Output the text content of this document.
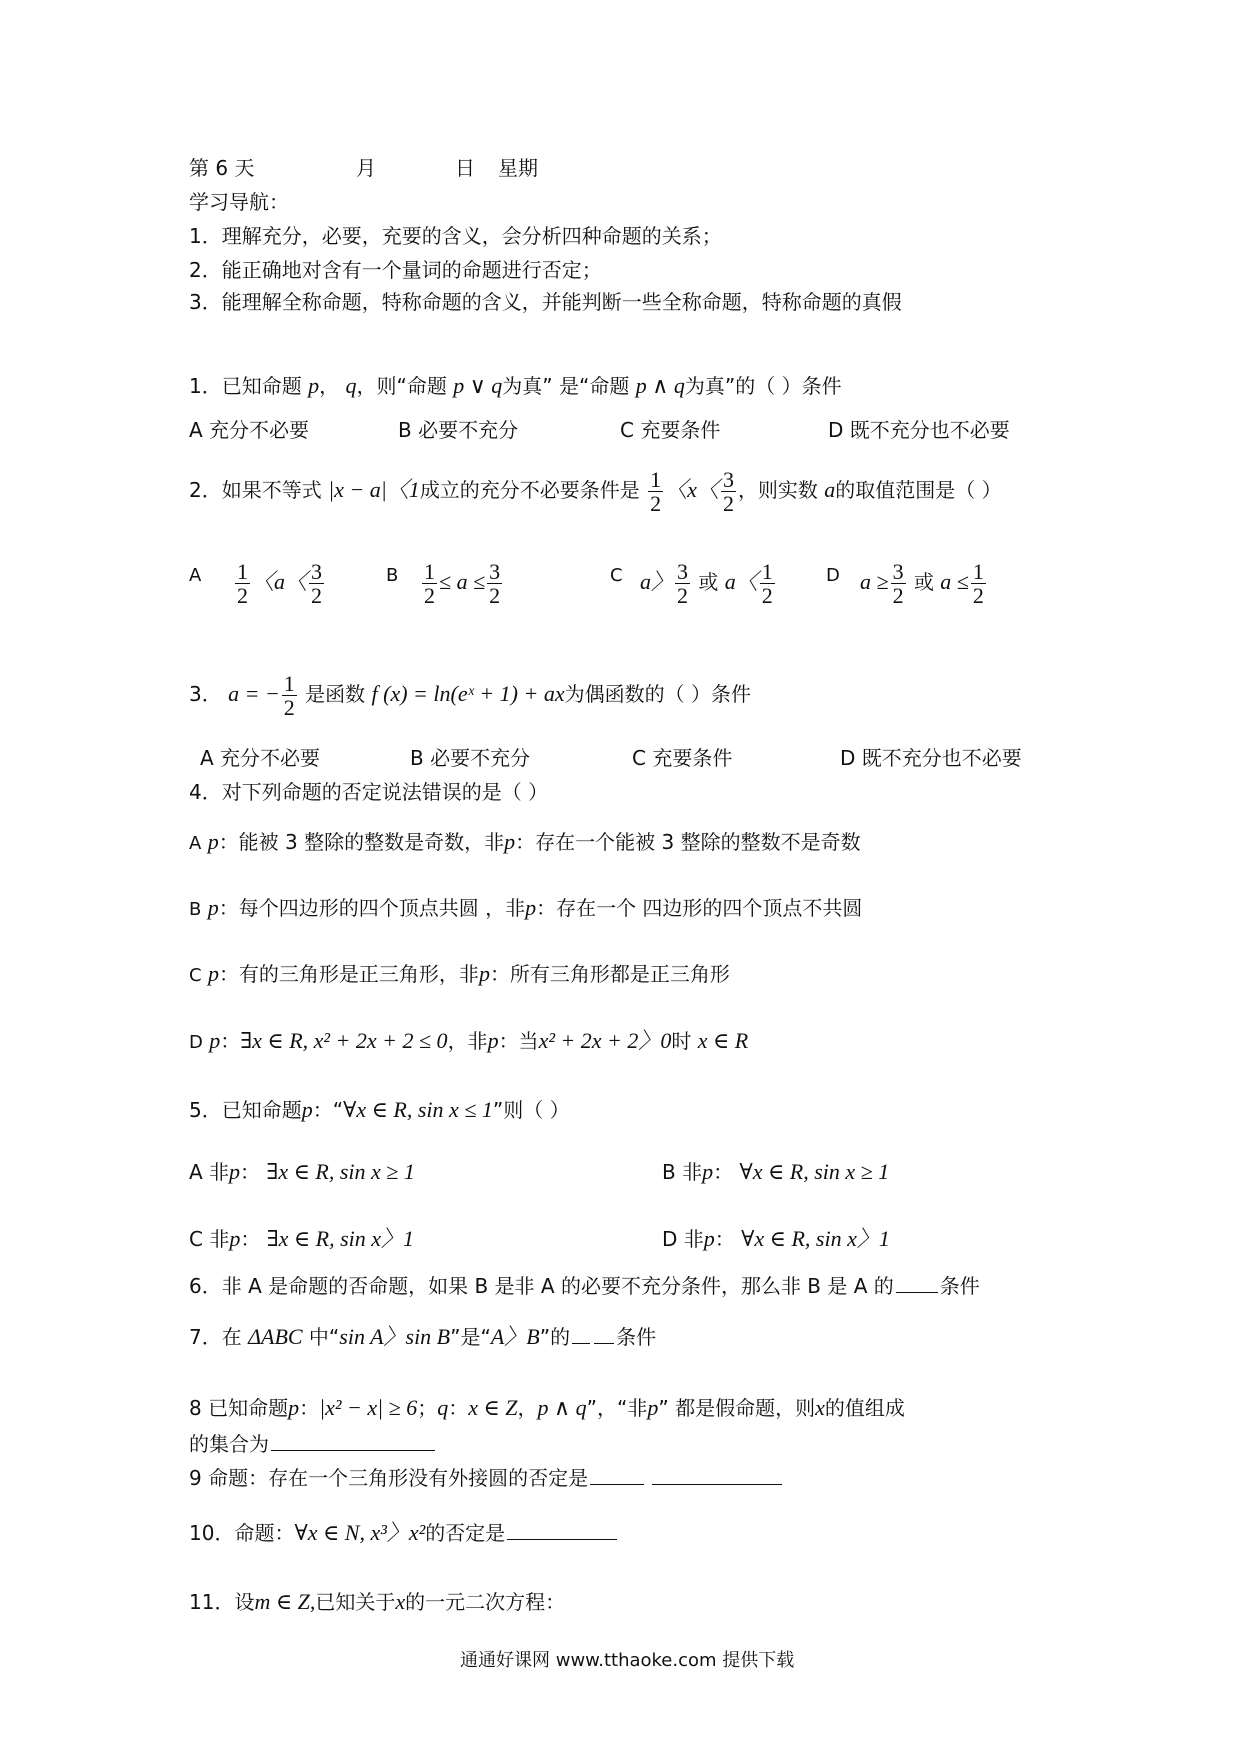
第 6 天	月	日 星期
学习导航：
1．理解充分，必要，充要的含义，会分析四种命题的关系；
2．能正确地对含有一个量词的命题进行否定；
3．能理解全称命题，特称命题的含义，并能判断一些全称命题，特称命题的真假
1．已知命题 p， q，则“命题 p ∨ q为真” 是“命题 p ∧ q为真”的（ ）条件
A 充分不必要	B 必要不充分	C 充要条件	D 既不充分也不必要
2．如果不等式 |x − a|〈1成立的充分不必要条件是 $\frac{1}{2}$ 〈x〈 $\frac{3}{2}$ ，则实数 a的取值范围是（ ）
A $\frac{1}{2}$ 〈a〈 $\frac{3}{2}$	B $\frac{1}{2} \le a \le \frac{3}{2}$	C a〉 $\frac{3}{2}$ 或 a〈 $\frac{1}{2}$	D $a \ge \frac{3}{2}$ 或 $a \le \frac{1}{2}$
3． a = − $\frac{1}{2}$ 是函数 f (x) = ln(eˣ + 1) + ax为偶函数的（ ）条件
A 充分不必要	B 必要不充分	C 充要条件	D 既不充分也不必要
4．对下列命题的否定说法错误的是（ ）
A p：能被 3 整除的整数是奇数，非p：存在一个能被 3 整除的整数不是奇数
B p：每个四边形的四个顶点共圆 ，非p：存在一个 四边形的四个顶点不共圆
C p：有的三角形是正三角形，非p：所有三角形都是正三角形
D p：∃x ∈ R, x² + 2x + 2 ≤ 0，非p：当x² + 2x + 2〉0时 x ∈ R
5．已知命题p：“∀x ∈ R, sin x ≤ 1”则（ ）
A 非p： ∃x ∈ R, sin x ≥ 1	B 非p： ∀x ∈ R, sin x ≥ 1
C 非p： ∃x ∈ R, sin x〉1	D 非p： ∀x ∈ R, sin x〉1
6．非 A 是命题的否命题，如果 B 是非 A 的必要不充分条件，那么非 B 是 A 的 条件
7．在 ΔABC 中“sin A〉sin B”是“A〉B”的 条件
8 已知命题p：|x² − x| ≥ 6；q：x ∈ Z，p ∧ q”，“非p” 都是假命题，则x的值组成
的集合为
9 命题：存在一个三角形没有外接圆的否定是
10．命题：∀x ∈ N, x³〉x²的否定是
11．设m ∈ Z,已知关于x的一元二次方程：
通通好课网 www.tthaoke.com 提供下载
